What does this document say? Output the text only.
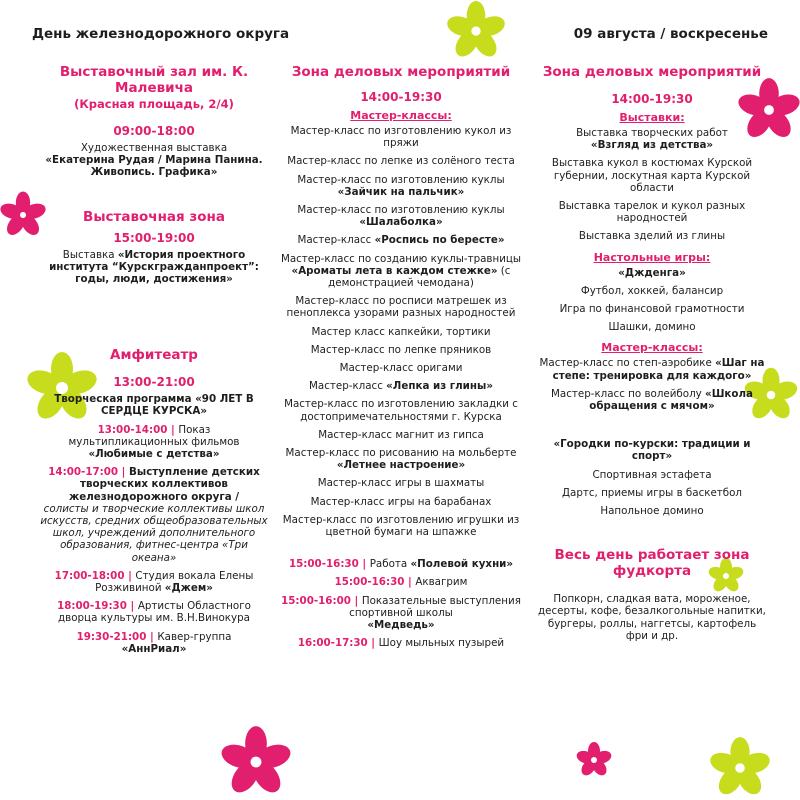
День железнодорожного округа	09 августа / воскресенье
Выставочный зал им. К. Малевича
(Красная площадь, 2/4)
09:00-18:00
Художественная выставка
«Екатерина Рудая / Марина Панина. Живопись. Графика»
Выставочная зона
15:00-19:00
Выставка «История проектного института “Курскгражданпроект”: годы, люди, достижения»
Амфитеатр
13:00-21:00
Творческая программа «90 ЛЕТ В СЕРДЦЕ КУРСКА»
13:00-14:00 | Показ мультипликационных фильмов
«Любимые с детства»
14:00-17:00 | Выступление детских творческих коллективов железнодорожного округа /
солисты и творческие коллективы школ искусств, средних общеобразовательных школ, учреждений дополнительного образования, фитнес-центра «Три океана»
17:00-18:00 | Студия вокала Елены Розживиной «Джем»
18:00-19:30 | Артисты Областного дворца культуры им. В.Н.Винокура
19:30-21:00 | Кавер-группа
«АннРиал»
Зона деловых мероприятий
14:00-19:30
Мастер-классы:
Мастер-класс по изготовлению кукол из пряжи
Мастер-класс по лепке из солёного теста
Мастер-класс по изготовлению куклы
«Зайчик на пальчик»
Мастер-класс по изготовлению куклы
«Шалаболка»
Мастер-класс «Роспись по бересте»
Мастер-класс по созданию куклы-травницы «Ароматы лета в каждом стежке» (с демонстрацией чемодана)
Мастер-класс по росписи матрешек из пеноплекса узорами разных народностей
Мастер класс капкейки, тортики
Мастер-класс по лепке пряников
Мастер-класс оригами
Мастер-класс «Лепка из глины»
Мастер-класс по изготовлению закладки с достопримечательностями г. Курска
Мастер-класс магнит из гипса
Мастер-класс по рисованию на мольберте «Летнее настроение»
Мастер-класс игры в шахматы
Мастер-класс игры на барабанах
Мастер-класс по изготовлению игрушки из цветной бумаги на шпажке
15:00-16:30 | Работа «Полевой кухни»
15:00-16:30 | Аквагрим
15:00-16:00 | Показательные выступления спортивной школы
«Медведь»
16:00-17:30 | Шоу мыльных пузырей
Зона деловых мероприятий
14:00-19:30
Выставки:
Выставка творческих работ
«Взгляд из детства»
Выставка кукол в костюмах Курской губернии, лоскутная карта Курской области
Выставка тарелок и кукол разных народностей
Выставка зделий из глины
Настольные игры:
«Джденга»
Футбол, хоккей, балансир
Игра по финансовой грамотности
Шашки, домино
Мастер-классы:
Мастер-класс по степ-аэробике «Шаг на степе: тренировка для каждого»
Мастер-класс по волейболу «Школа обращения с мячом»
«Городки по-курски: традиции и спорт»
Спортивная эстафета
Дартс, приемы игры в баскетбол
Напольное домино
Весь день работает зона фудкорта
Попкорн, сладкая вата, мороженое, десерты, кофе, безалкогольные напитки, бургеры, роллы, наггетсы, картофель фри и др.
